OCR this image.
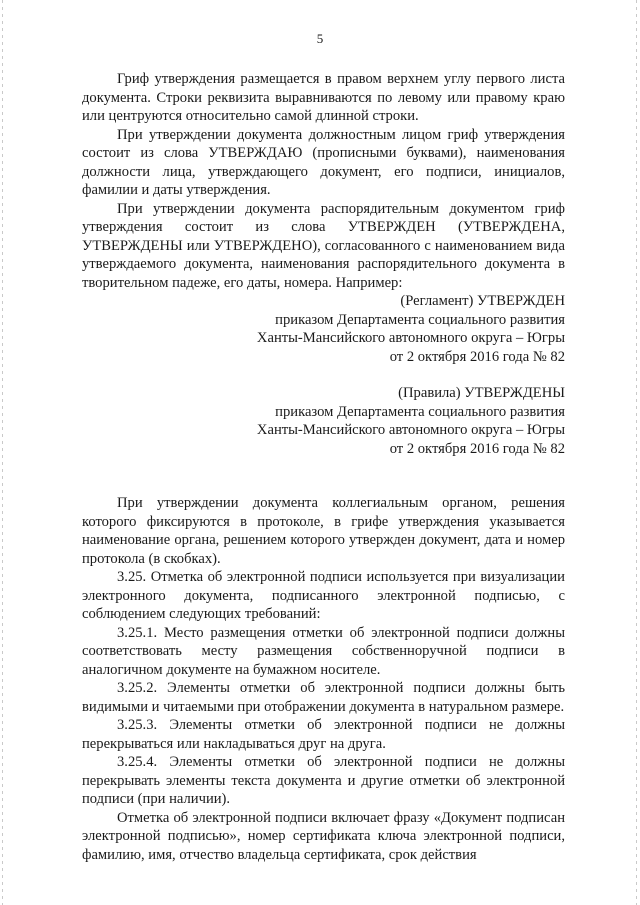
5

Гриф утверждения размещается в правом верхнем углу первого листа документа. Строки реквизита выравниваются по левому или правому краю или центруются относительно самой длинной строки.

При утверждении документа должностным лицом гриф утверждения состоит из слова УТВЕРЖДАЮ (прописными буквами), наименования должности лица, утверждающего документ, его подписи, инициалов, фамилии и даты утверждения.

При утверждении документа распорядительным документом гриф утверждения состоит из слова УТВЕРЖДЕН (УТВЕРЖДЕНА, УТВЕРЖДЕНЫ или УТВЕРЖДЕНО), согласованного с наименованием вида утверждаемого документа, наименования распорядительного документа в творительном падеже, его даты, номера. Например:

(Регламент) УТВЕРЖДЕН

приказом Департамента социального развития

Ханты-Мансийского автономного округа – Югры

от 2 октября 2016 года № 82

(Правила) УТВЕРЖДЕНЫ

приказом Департамента социального развития

Ханты-Мансийского автономного округа – Югры

от 2 октября 2016 года № 82

При утверждении документа коллегиальным органом, решения которого фиксируются в протоколе, в грифе утверждения указывается наименование органа, решением которого утвержден документ, дата и номер протокола (в скобках).

3.25. Отметка об электронной подписи используется при визуализации электронного документа, подписанного электронной подписью, с соблюдением следующих требований:

3.25.1. Место размещения отметки об электронной подписи должны соответствовать месту размещения собственноручной подписи в аналогичном документе на бумажном носителе.

3.25.2. Элементы отметки об электронной подписи должны быть видимыми и читаемыми при отображении документа в натуральном размере.

3.25.3. Элементы отметки об электронной подписи не должны перекрываться или накладываться друг на друга.

3.25.4. Элементы отметки об электронной подписи не должны перекрывать элементы текста документа и другие отметки об электронной подписи (при наличии).

Отметка об электронной подписи включает фразу «Документ подписан электронной подписью», номер сертификата ключа электронной подписи, фамилию, имя, отчество владельца сертификата, срок действия
